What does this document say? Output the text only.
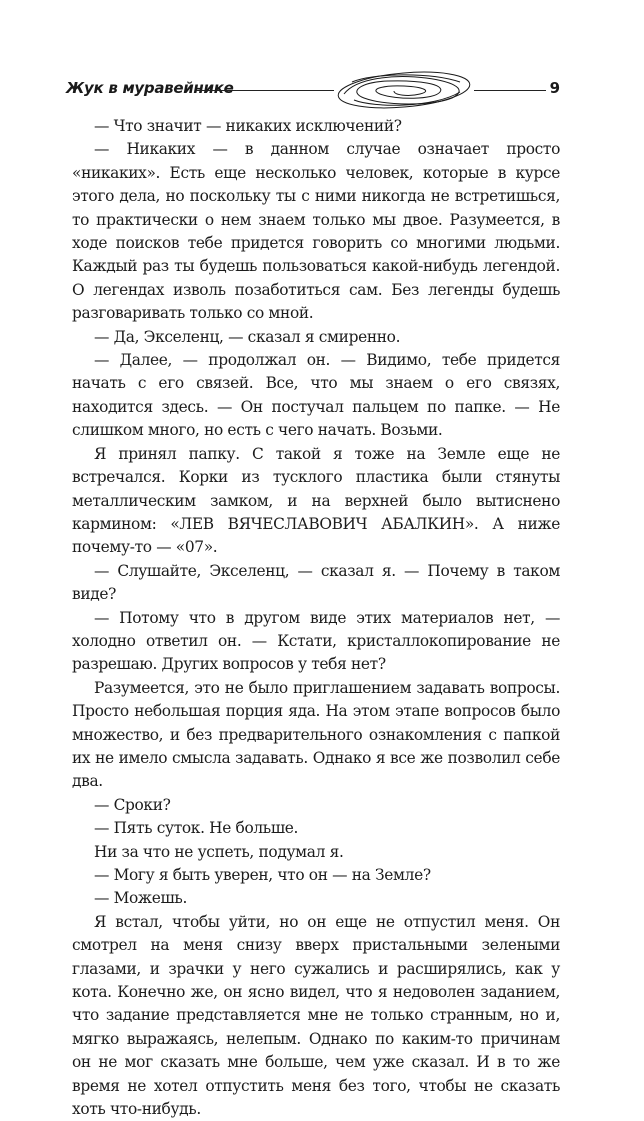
Жук в муравейнике	9

— Что значит — никаких исключений?

— Никаких — в данном случае означает просто «никаких». Есть еще несколько человек, которые в курсе этого дела, но поскольку ты с ними никогда не встретишься, то практически о нем знаем только мы двое. Разумеется, в ходе поисков тебе придется говорить со многими людьми. Каждый раз ты будешь пользоваться какой-нибудь легендой. О легендах изволь позаботиться сам. Без легенды будешь разговаривать только со мной.

— Да, Экселенц, — сказал я смиренно.

— Далее, — продолжал он. — Видимо, тебе придется начать с его связей. Все, что мы знаем о его связях, находится здесь. — Он постучал пальцем по папке. — Не слишком много, но есть с чего начать. Возьми.

Я принял папку. С такой я тоже на Земле еще не встречался. Корки из тусклого пластика были стянуты металлическим замком, и на верхней было вытиснено кармином: «ЛЕВ ВЯЧЕСЛАВОВИЧ АБАЛКИН». А ниже почему-то — «07».

— Слушайте, Экселенц, — сказал я. — Почему в таком виде?

— Потому что в другом виде этих материалов нет, — холодно ответил он. — Кстати, кристаллокопирование не разрешаю. Других вопросов у тебя нет?

Разумеется, это не было приглашением задавать вопросы. Просто небольшая порция яда. На этом этапе вопросов было множество, и без предварительного ознакомления с папкой их не имело смысла задавать. Однако я все же позволил себе два.

— Сроки?

— Пять суток. Не больше.

Ни за что не успеть, подумал я.

— Могу я быть уверен, что он — на Земле?

— Можешь.

Я встал, чтобы уйти, но он еще не отпустил меня. Он смотрел на меня снизу вверх пристальными зелеными глазами, и зрачки у него сужались и расширялись, как у кота. Конечно же, он ясно видел, что я недоволен заданием, что задание представляется мне не только странным, но и, мягко выражаясь, нелепым. Однако по каким-то причинам он не мог сказать мне больше, чем уже сказал. И в то же время не хотел отпустить меня без того, чтобы не сказать хоть что-нибудь.
